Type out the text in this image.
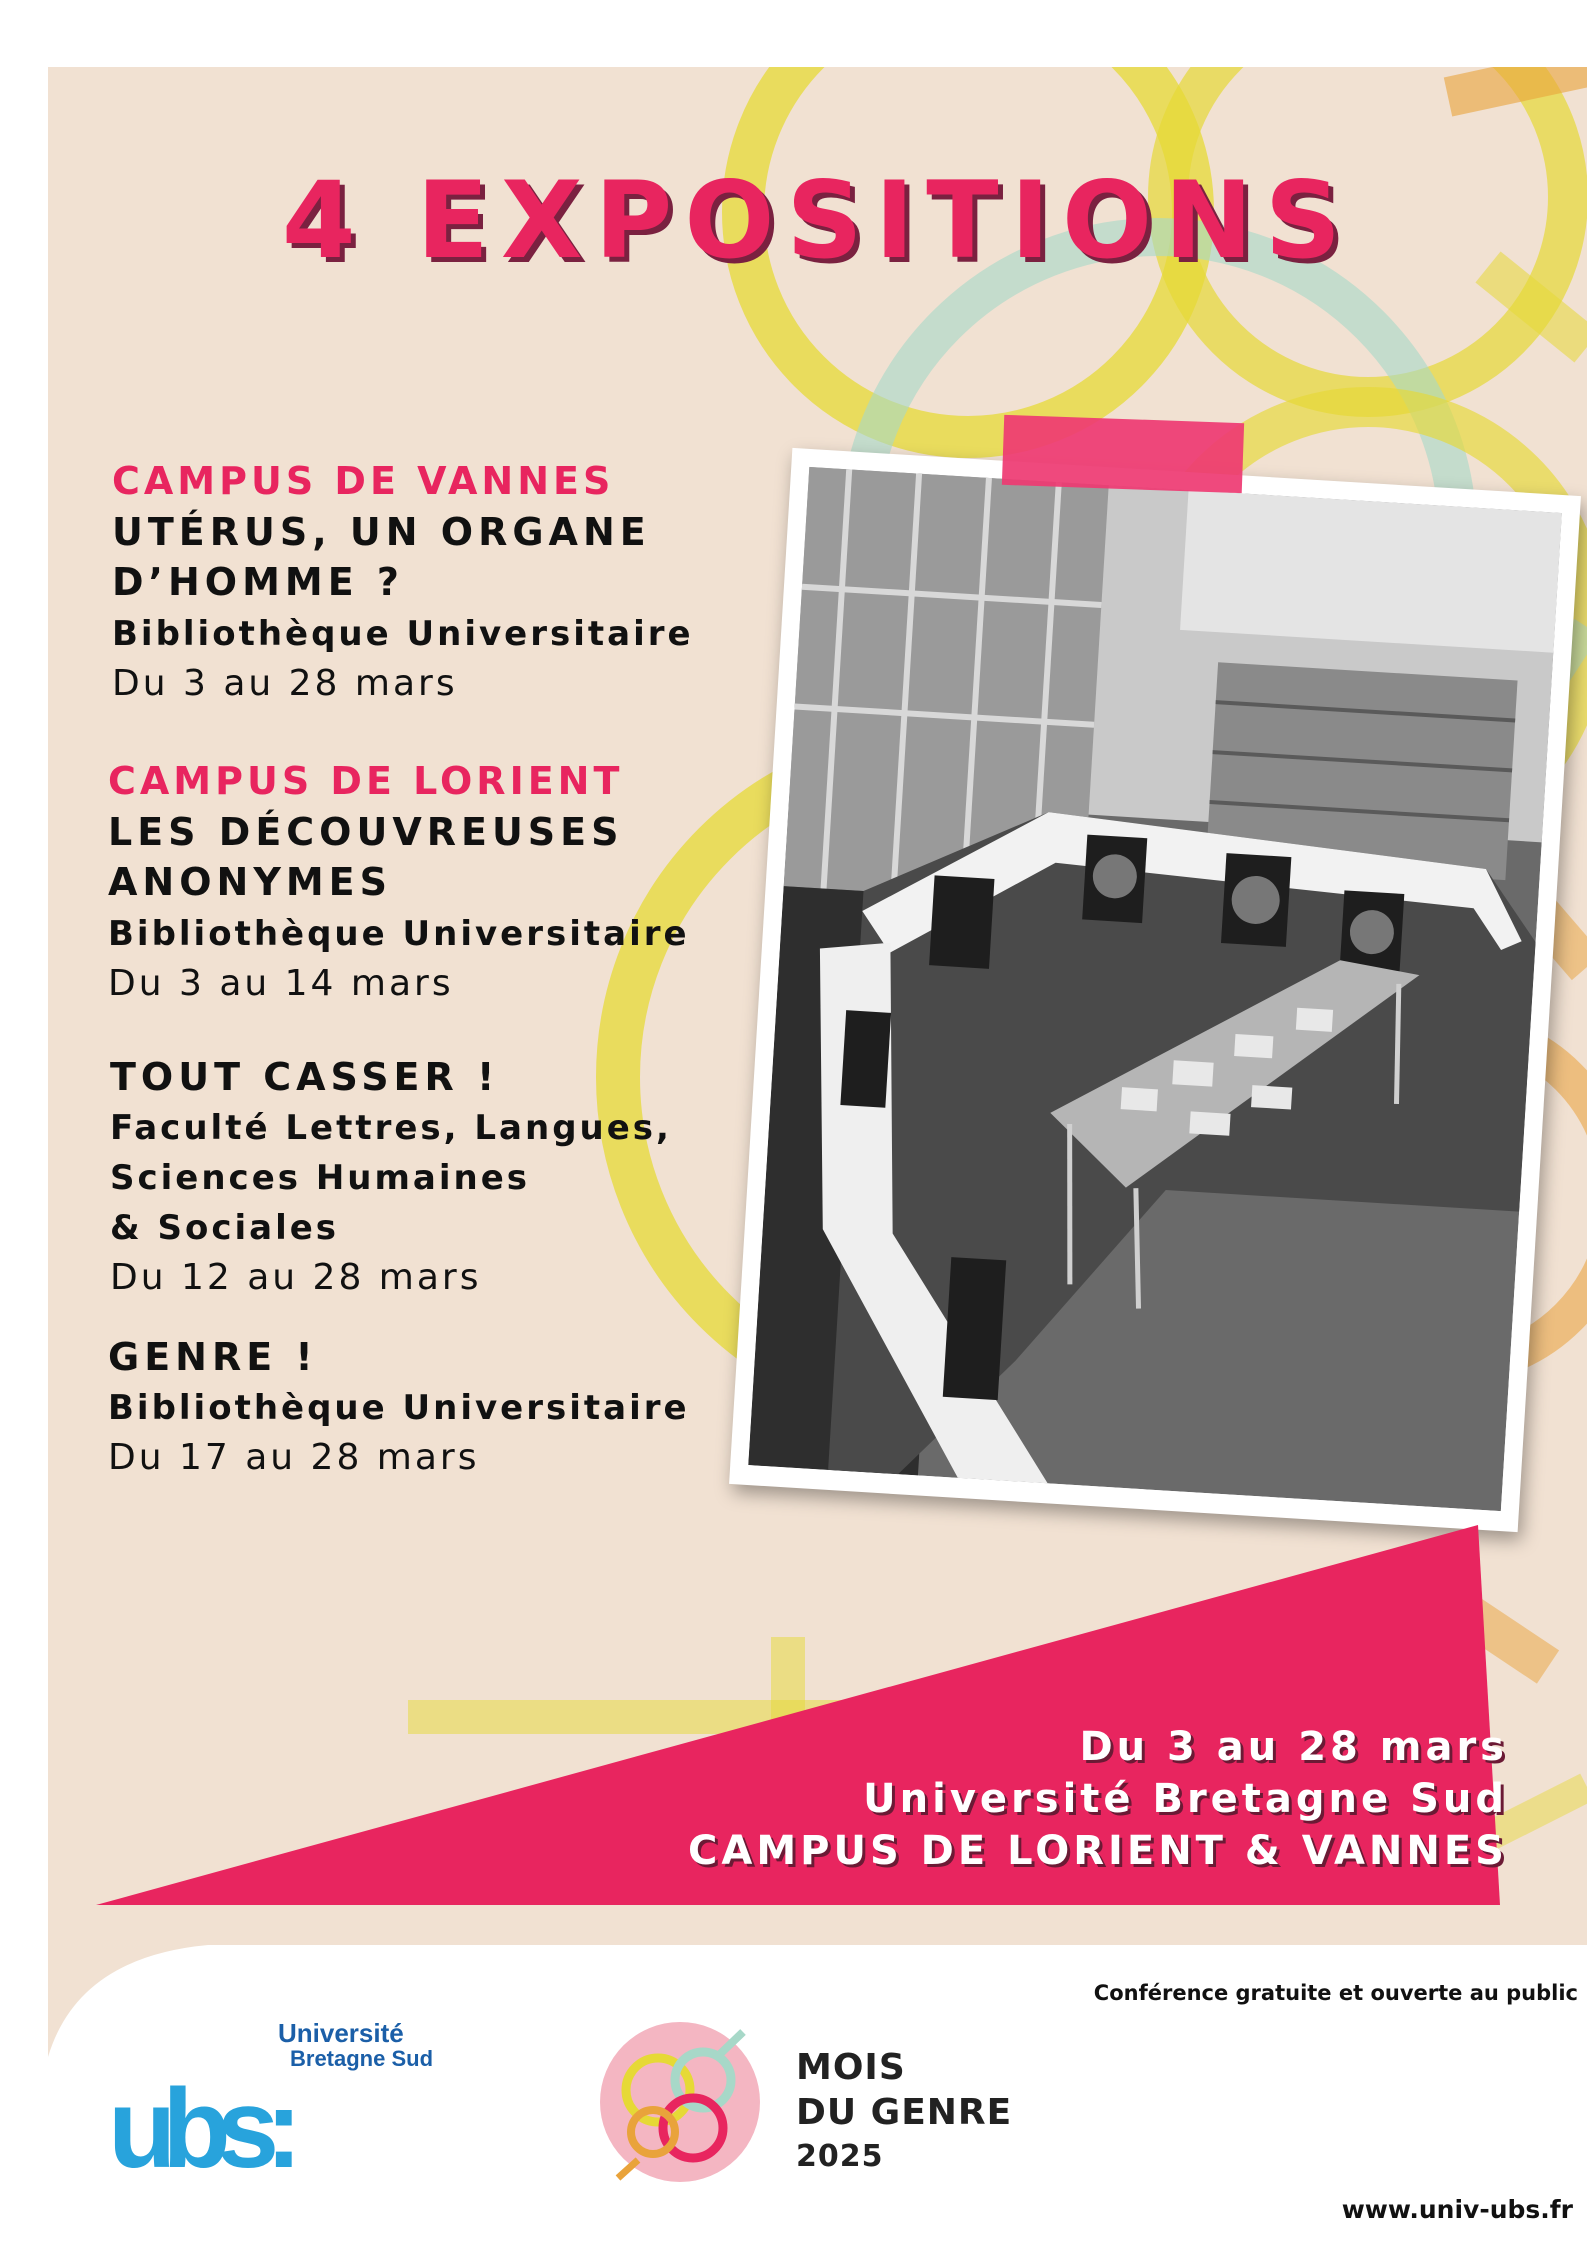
4 EXPOSITIONS
CAMPUS DE VANNES
UTÉRUS, UN ORGANE
D’HOMME ?
Bibliothèque Universitaire
Du 3 au 28 mars
CAMPUS DE LORIENT
LES DÉCOUVREUSES
ANONYMES
Bibliothèque Universitaire
Du 3 au 14 mars
TOUT CASSER !
Faculté Lettres, Langues,
Sciences Humaines
& Sociales
Du 12 au 28 mars
GENRE !
Bibliothèque Universitaire
Du 17 au 28 mars
Du 3 au 28 mars
Université Bretagne Sud
CAMPUS DE LORIENT & VANNES
Conférence gratuite et ouverte au public
Université
Bretagne Sud
ubs:	MOIS
DU GENRE
2025
www.univ-ubs.fr
